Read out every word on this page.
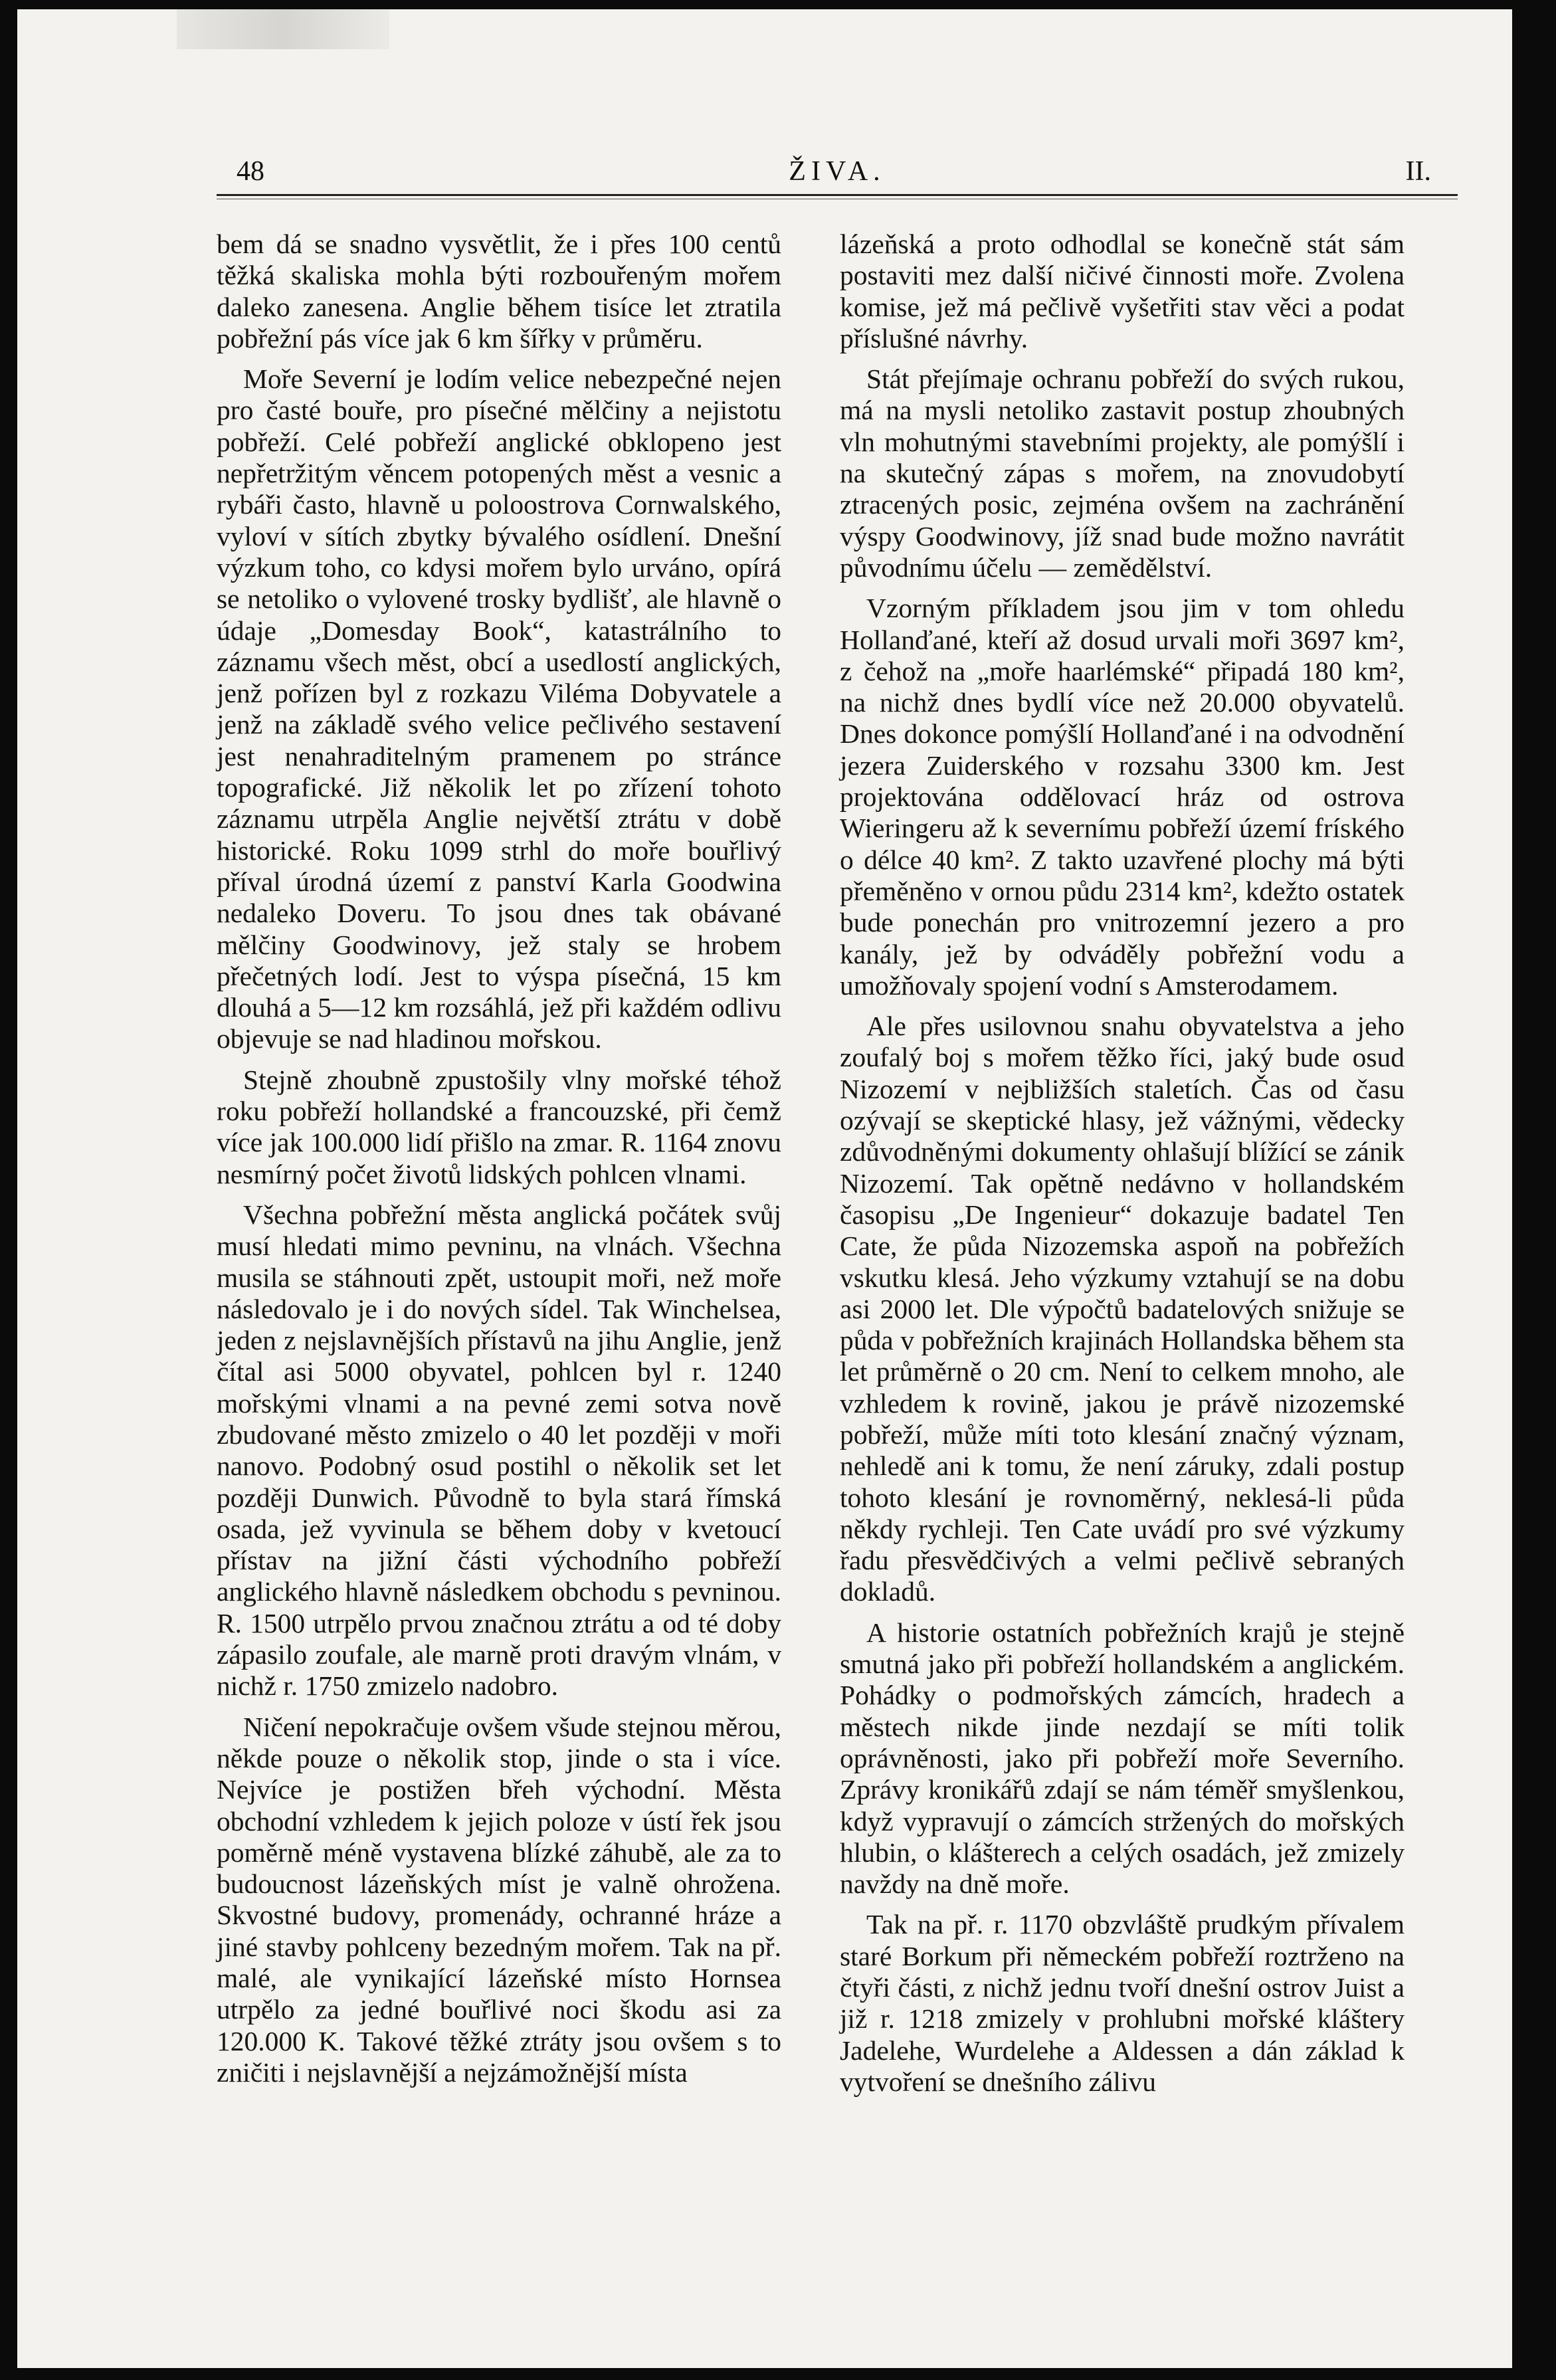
48	ŽIVA.	II.

bem dá se snadno vysvětlit, že i přes 100 centů těžká skaliska mohla býti rozbouřeným mořem daleko zanesena. Anglie během tisíce let ztratila pobřežní pás více jak 6 km šířky v průměru.

Moře Severní je lodím velice nebezpečné nejen pro časté bouře, pro písečné mělčiny a nejistotu pobřeží. Celé pobřeží anglické obklopeno jest nepřetržitým věncem potopených měst a vesnic a rybáři často, hlavně u poloostrova Cornwalského, vyloví v sítích zbytky bývalého osídlení. Dnešní výzkum toho, co kdysi mořem bylo urváno, opírá se netoliko o vylovené trosky bydlišť, ale hlavně o údaje „Domesday Book“, katastrálního to záznamu všech měst, obcí a usedlostí anglických, jenž pořízen byl z rozkazu Viléma Dobyvatele a jenž na základě svého velice pečlivého sestavení jest nenahraditelným pramenem po stránce topografické. Již několik let po zřízení tohoto záznamu utrpěla Anglie největší ztrátu v době historické. Roku 1099 strhl do moře bouřlivý příval úrodná území z panství Karla Goodwina nedaleko Doveru. To jsou dnes tak obávané mělčiny Goodwinovy, jež staly se hrobem přečetných lodí. Jest to výspa písečná, 15 km dlouhá a 5—12 km rozsáhlá, jež při každém odlivu objevuje se nad hladinou mořskou.

Stejně zhoubně zpustošily vlny mořské téhož roku pobřeží hollandské a francouzské, při čemž více jak 100.000 lidí přišlo na zmar. R. 1164 znovu nesmírný počet životů lidských pohlcen vlnami.

Všechna pobřežní města anglická počátek svůj musí hledati mimo pevninu, na vlnách. Všechna musila se stáhnouti zpět, ustoupit moři, než moře následovalo je i do nových sídel. Tak Winchelsea, jeden z nejslavnějších přístavů na jihu Anglie, jenž čítal asi 5000 obyvatel, pohlcen byl r. 1240 mořskými vlnami a na pevné zemi sotva nově zbudované město zmizelo o 40 let později v moři nanovo. Podobný osud postihl o několik set let později Dunwich. Původně to byla stará římská osada, jež vyvinula se během doby v kvetoucí přístav na jižní části východního pobřeží anglického hlavně následkem obchodu s pevninou. R. 1500 utrpělo prvou značnou ztrátu a od té doby zápasilo zoufale, ale marně proti dravým vlnám, v nichž r. 1750 zmizelo nadobro.

Ničení nepokračuje ovšem všude stejnou měrou, někde pouze o několik stop, jinde o sta i více. Nejvíce je postižen břeh východní. Města obchodní vzhledem k jejich poloze v ústí řek jsou poměrně méně vystavena blízké záhubě, ale za to budoucnost lázeňských míst je valně ohrožena. Skvostné budovy, promenády, ochranné hráze a jiné stavby pohlceny bezedným mořem. Tak na př. malé, ale vynikající lázeňské místo Hornsea utrpělo za jedné bouřlivé noci škodu asi za 120.000 K. Takové těžké ztráty jsou ovšem s to zničiti i nejslavnější a nejzámožnější místa

lázeňská a proto odhodlal se konečně stát sám postaviti mez další ničivé činnosti moře. Zvolena komise, jež má pečlivě vyšetřiti stav věci a podat příslušné návrhy.

Stát přejímaje ochranu pobřeží do svých rukou, má na mysli netoliko zastavit postup zhoubných vln mohutnými stavebními projekty, ale pomýšlí i na skutečný zápas s mořem, na znovudobytí ztracených posic, zejména ovšem na zachránění výspy Goodwinovy, jíž snad bude možno navrátit původnímu účelu — zemědělství.

Vzorným příkladem jsou jim v tom ohledu Hollanďané, kteří až dosud urvali moři 3697 km², z čehož na „moře haarlémské“ připadá 180 km², na nichž dnes bydlí více než 20.000 obyvatelů. Dnes dokonce pomýšlí Hollanďané i na odvodnění jezera Zuiderského v rozsahu 3300 km. Jest projektována oddělovací hráz od ostrova Wieringeru až k severnímu pobřeží území fríského o délce 40 km². Z takto uzavřené plochy má býti přeměněno v ornou půdu 2314 km², kdežto ostatek bude ponechán pro vnitrozemní jezero a pro kanály, jež by odváděly pobřežní vodu a umožňovaly spojení vodní s Amsterodamem.

Ale přes usilovnou snahu obyvatelstva a jeho zoufalý boj s mořem těžko říci, jaký bude osud Nizozemí v nejbližších staletích. Čas od času ozývají se skeptické hlasy, jež vážnými, vědecky zdůvodněnými dokumenty ohlašují blížící se zánik Nizozemí. Tak opětně nedávno v hollandském časopisu „De Ingenieur“ dokazuje badatel Ten Cate, že půda Nizozemska aspoň na pobřežích vskutku klesá. Jeho výzkumy vztahují se na dobu asi 2000 let. Dle výpočtů badatelových snižuje se půda v pobřežních krajinách Hollandska během sta let průměrně o 20 cm. Není to celkem mnoho, ale vzhledem k rovině, jakou je právě nizozemské pobřeží, může míti toto klesání značný význam, nehledě ani k tomu, že není záruky, zdali postup tohoto klesání je rovnoměrný, neklesá-li půda někdy rychleji. Ten Cate uvádí pro své výzkumy řadu přesvědčivých a velmi pečlivě sebraných dokladů.

A historie ostatních pobřežních krajů je stejně smutná jako při pobřeží hollandském a anglickém. Pohádky o podmořských zámcích, hradech a městech nikde jinde nezdají se míti tolik oprávněnosti, jako při pobřeží moře Severního. Zprávy kronikářů zdají se nám téměř smyšlenkou, když vypravují o zámcích stržených do mořských hlubin, o klášterech a celých osadách, jež zmizely navždy na dně moře.

Tak na př. r. 1170 obzvláště prudkým přívalem staré Borkum při německém pobřeží roztrženo na čtyři části, z nichž jednu tvoří dnešní ostrov Juist a již r. 1218 zmizely v prohlubni mořské kláštery Jadelehe, Wurdelehe a Aldessen a dán základ k vytvoření se dnešního zálivu
